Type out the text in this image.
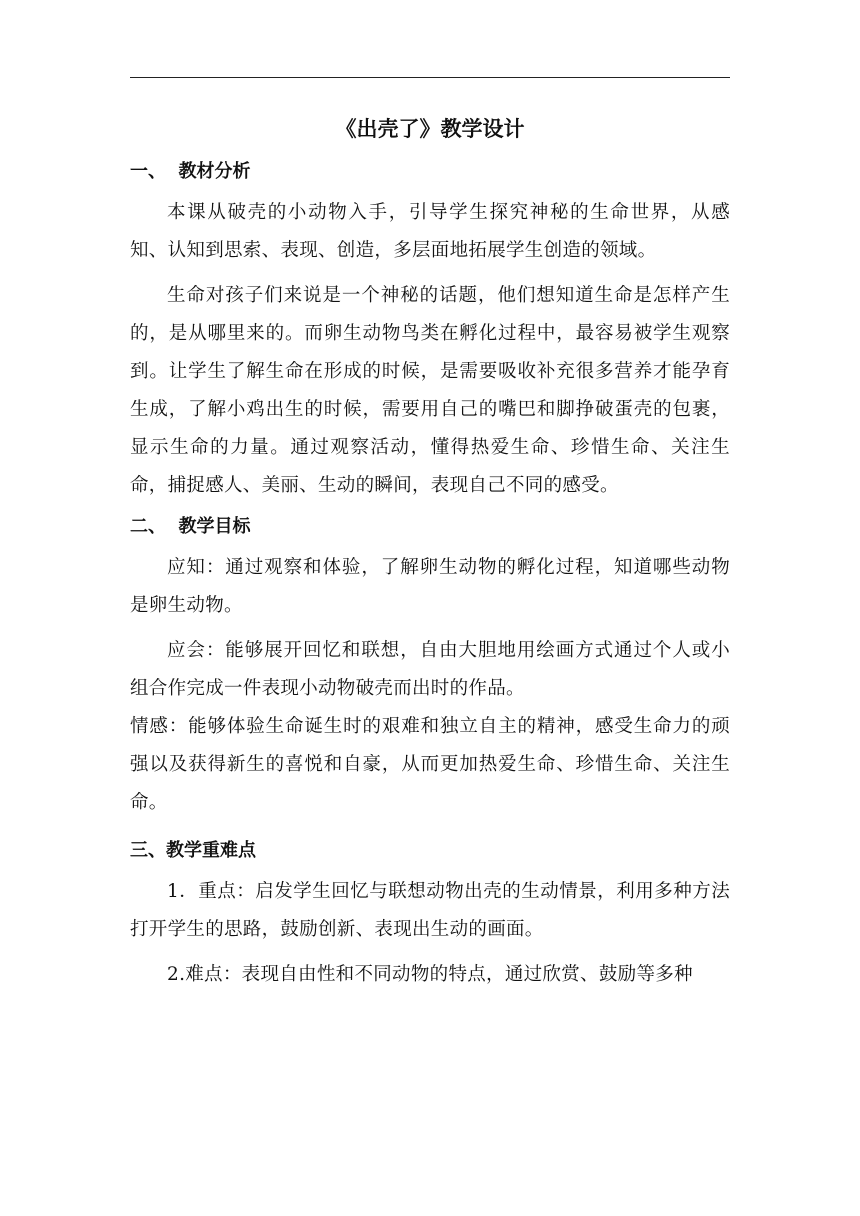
《出壳了》教学设计
一、  教材分析

本课从破壳的小动物入手，引导学生探究神秘的生命世界，从感知、认知到思索、表现、创造，多层面地拓展学生创造的领域。

生命对孩子们来说是一个神秘的话题，他们想知道生命是怎样产生的，是从哪里来的。而卵生动物鸟类在孵化过程中，最容易被学生观察到。让学生了解生命在形成的时候，是需要吸收补充很多营养才能孕育生成，了解小鸡出生的时候，需要用自己的嘴巴和脚挣破蛋壳的包裹，显示生命的力量。通过观察活动，懂得热爱生命、珍惜生命、关注生命，捕捉感人、美丽、生动的瞬间，表现自己不同的感受。

二、  教学目标

应知：通过观察和体验，了解卵生动物的孵化过程，知道哪些动物是卵生动物。

应会：能够展开回忆和联想，自由大胆地用绘画方式通过个人或小组合作完成一件表现小动物破壳而出时的作品。

情感：能够体验生命诞生时的艰难和独立自主的精神，感受生命力的顽强以及获得新生的喜悦和自豪，从而更加热爱生命、珍惜生命、关注生命。

三、教学重难点

1．重点：启发学生回忆与联想动物出壳的生动情景，利用多种方法打开学生的思路，鼓励创新、表现出生动的画面。

2.难点：表现自由性和不同动物的特点，通过欣赏、鼓励等多种
